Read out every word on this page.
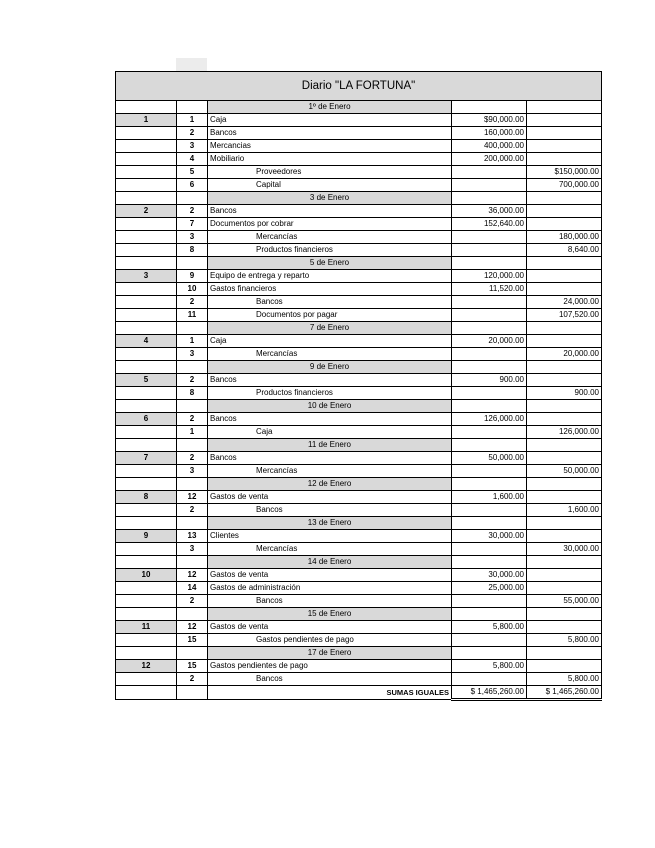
Diario "LA FORTUNA"				
		1º de Enero		
1	1	Caja	$90,000.00	
	2	Bancos	160,000.00	
	3	Mercancias	400,000.00	
	4	Mobiliario	200,000.00	
	5	Proveedores		$150,000.00
	6	Capital		700,000.00
		3 de Enero		
2	2	Bancos	36,000.00	
	7	Documentos por cobrar	152,640.00	
	3	Mercancías		180,000.00
	8	Productos financieros		8,640.00
		5 de Enero		
3	9	Equipo de entrega y reparto	120,000.00	
	10	Gastos financieros	11,520.00	
	2	Bancos		24,000.00
	11	Documentos por pagar		107,520.00
		7 de Enero		
4	1	Caja	20,000.00	
	3	Mercancías		20,000.00
		9 de Enero		
5	2	Bancos	900.00	
	8	Productos financieros		900.00
		10 de Enero		
6	2	Bancos	126,000.00	
	1	Caja		126,000.00
		11 de Enero		
7	2	Bancos	50,000.00	
	3	Mercancías		50,000.00
		12 de Enero		
8	12	Gastos de venta	1,600.00	
	2	Bancos		1,600.00
		13 de Enero		
9	13	Clientes	30,000.00	
	3	Mercancías		30,000.00
		14 de Enero		
10	12	Gastos de venta	30,000.00	
	14	Gastos de administración	25,000.00	
	2	Bancos		55,000.00
		15 de Enero		
11	12	Gastos de venta	5,800.00	
	15	Gastos pendientes de pago		5,800.00
		17 de Enero		
12	15	Gastos pendientes de pago	5,800.00	
	2	Bancos		5,800.00
		SUMAS IGUALES	$ 1,465,260.00	$ 1,465,260.00
